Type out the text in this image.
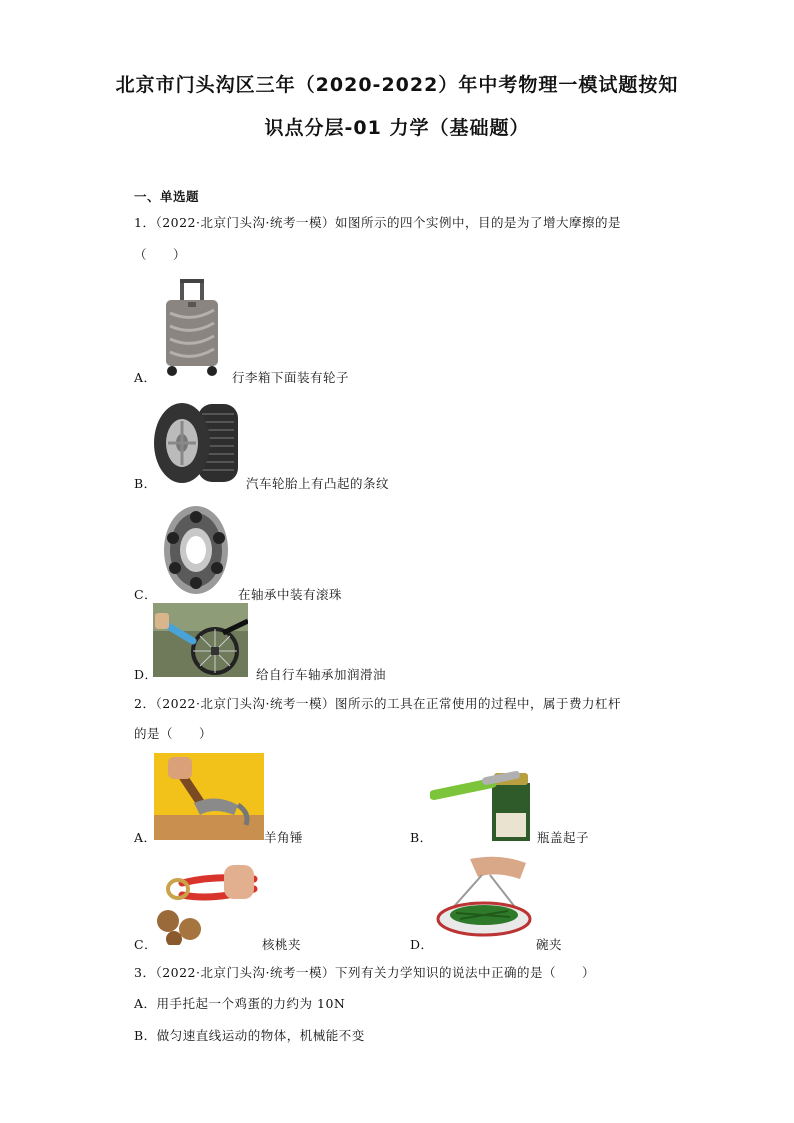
北京市门头沟区三年（2020-2022）年中考物理一模试题按知
识点分层-01 力学（基础题）
一、单选题
1．（2022·北京门头沟·统考一模）如图所示的四个实例中，目的是为了增大摩擦的是
（　　）
A．	行李箱下面装有轮子
B．	汽车轮胎上有凸起的条纹
C．	在轴承中装有滚珠
D．	给自行车轴承加润滑油
2．（2022·北京门头沟·统考一模）图所示的工具在正常使用的过程中，属于费力杠杆
的是（　　）
A．	羊角锤	B．	瓶盖起子
C．	核桃夹	D．	碗夹
3．（2022·北京门头沟·统考一模）下列有关力学知识的说法中正确的是（　　）
A．用手托起一个鸡蛋的力约为 10N
B．做匀速直线运动的物体，机械能不变
